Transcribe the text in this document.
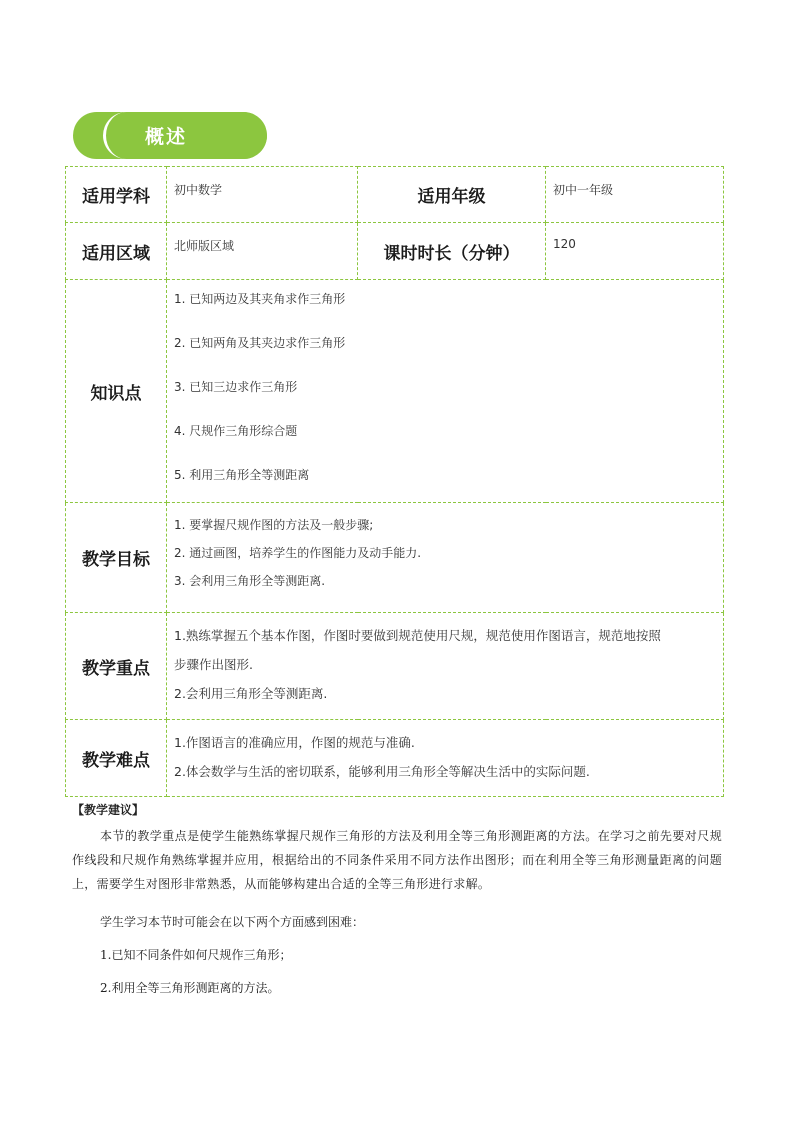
概述
适用学科	初中数学	适用年级	初中一年级
适用区域	北师版区域	课时时长（分钟）	120
知识点	1. 已知两边及其夹角求作三角形
2. 已知两角及其夹边求作三角形
3. 已知三边求作三角形
4. 尺规作三角形综合题
5. 利用三角形全等测距离		

教学目标	1. 要掌握尺规作图的方法及一般步骤;
2. 通过画图，培养学生的作图能力及动手能力.
3. 会利用三角形全等测距离.		

教学重点	1.熟练掌握五个基本作图，作图时要做到规范使用尺规，规范使用作图语言，规范地按照
步骤作出图形.
2.会利用三角形全等测距离.		

教学难点	1.作图语言的准确应用，作图的规范与准确.
2.体会数学与生活的密切联系，能够利用三角形全等解决生活中的实际问题.		
【教学建议】
本节的教学重点是使学生能熟练掌握尺规作三角形的方法及利用全等三角形测距离的方法。在学习之前先要对尺规作线段和尺规作角熟练掌握并应用，根据给出的不同条件采用不同方法作出图形；而在利用全等三角形测量距离的问题上，需要学生对图形非常熟悉，从而能够构建出合适的全等三角形进行求解。
学生学习本节时可能会在以下两个方面感到困难：
1.已知不同条件如何尺规作三角形；
2.利用全等三角形测距离的方法。
